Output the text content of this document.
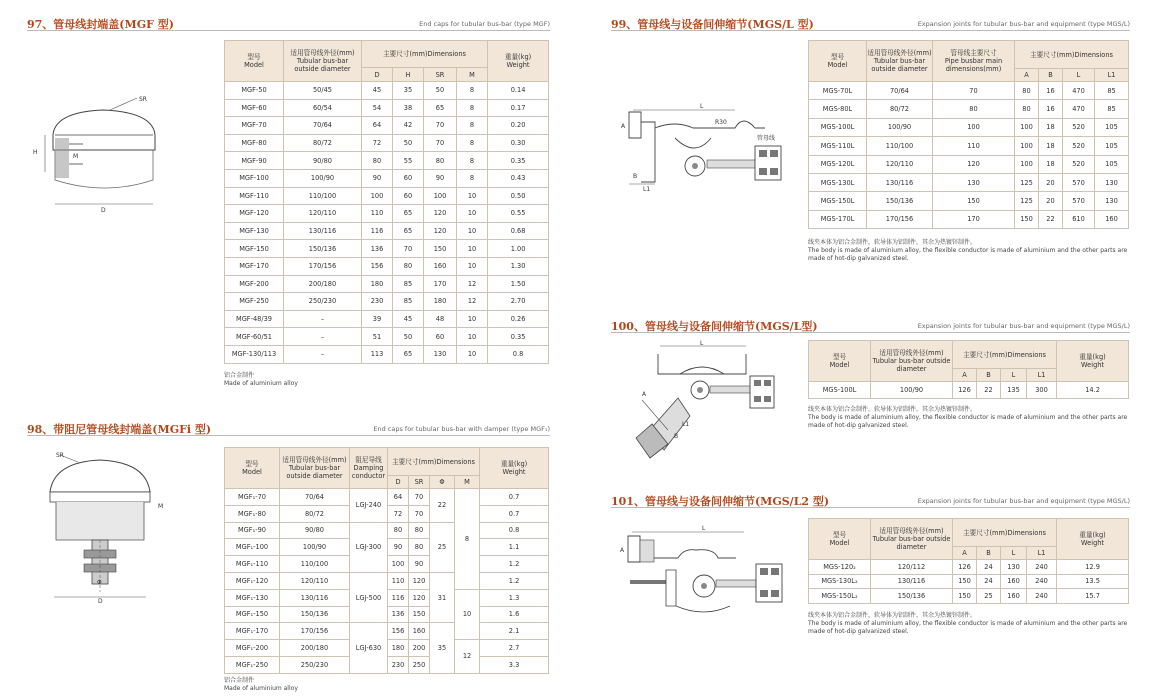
97、管母线封端盖(MGF 型)	End caps for tubular bus-bar (type MGF)
SR
H
M
D
型号
Model	适用管母线外径(mm)
Tubular bus-bar outside diameter	主要尺寸(mm)Dimensions				重量(kg)
Weight
		D	H	SR	M	
MGF-50	50/45	45	35	50	8	0.14
MGF-60	60/54	54	38	65	8	0.17
MGF-70	70/64	64	42	70	8	0.20
MGF-80	80/72	72	50	70	8	0.30
MGF-90	90/80	80	55	80	8	0.35
MGF-100	100/90	90	60	90	8	0.43
MGF-110	110/100	100	60	100	10	0.50
MGF-120	120/110	110	65	120	10	0.55
MGF-130	130/116	116	65	120	10	0.68
MGF-150	150/136	136	70	150	10	1.00
MGF-170	170/156	156	80	160	10	1.30
MGF-200	200/180	180	85	170	12	1.50
MGF-250	250/230	230	85	180	12	2.70
MGF-48/39	–	39	45	48	10	0.26
MGF-60/51	–	51	50	60	10	0.35
MGF-130/113	–	113	65	130	10	0.8
铝合金制件
Made of aluminium alloy
98、带阻尼管母线封端盖(MGFi 型)	End caps for tubular bus-bar with damper (type MGF₁)
SR
M
Φ
D
型号
Model	适用管母线外径(mm)
Tubular bus-bar outside diameter	阻尼导线
Damping conductor	主要尺寸(mm)Dimensions				重量(kg)
Weight
			D	SR	Φ	M	
MGF₁-70	70/64	LGJ-240	64	70	22	8	0.7
MGF₁-80	80/72		72	70			0.7
MGF₁-90	90/80	LGJ-300	80	80	25		0.8
MGF₁-100	100/90		90	80			1.1
MGF₁-110	110/100		100	90			1.2
MGF₁-120	120/110	LGJ-500	110	120	31		1.2
MGF₁-130	130/116		116	120		10	1.3
MGF₁-150	150/136		136	150			1.6
MGF₁-170	170/156	LGJ-630	156	160	35		2.1
MGF₁-200	200/180		180	200		12	2.7
MGF₁-250	250/230		230	250			3.3
铝合金制件
Made of aluminium alloy
99、管母线与设备间伸缩节(MGS/L 型)	Expansion joints for tubular bus-bar and equipment (type MGS/L)
L
A
R30
管母线
B
L1
型号
Model	适用管母线外径(mm)
Tubular bus-bar outside diameter	管母线主要尺寸
Pipe busbar main dimensions(mm)	主要尺寸(mm)Dimensions			
			A	B	L	L1
MGS-70L	70/64	70	80	16	470	85
MGS-80L	80/72	80	80	16	470	85
MGS-100L	100/90	100	100	18	520	105
MGS-110L	110/100	110	100	18	520	105
MGS-120L	120/110	120	100	18	520	105
MGS-130L	130/116	130	125	20	570	130
MGS-150L	150/136	150	125	20	570	130
MGS-170L	170/156	170	150	22	610	160
线夹本体为铝合金制件，软导体为铝制件，其余为热镀锌制件。
The body is made of aluminium alloy, the flexible conductor is made of aluminium and the other parts are made of hot-dip galvanized steel.
100、管母线与设备间伸缩节(MGS/L型)	Expansion joints for tubular bus-bar and equipment (type MGS/L)
L
A
B
L1
型号
Model	适用管母线外径(mm)
Tubular bus-bar outside diameter	主要尺寸(mm)Dimensions				重量(kg)
Weight
		A	B	L	L1	
MGS-100L	100/90	126	22	135	300	14.2
线夹本体为铝合金制件，软导体为铝制件，其余为热镀锌制件。
The body is made of aluminium alloy, the flexible conductor is made of aluminium and the other parts are made of hot-dip galvanized steel.
101、管母线与设备间伸缩节(MGS/L2 型)	Expansion joints for tubular bus-bar and equipment (type MGS/L)
L
A
型号
Model	适用管母线外径(mm)
Tubular bus-bar outside diameter	主要尺寸(mm)Dimensions				重量(kg)
Weight
		A	B	L	L1	
MGS-120₂	120/112	126	24	130	240	12.9
MGS-130L₂	130/116	150	24	160	240	13.5
MGS-150L₂	150/136	150	25	160	240	15.7
线夹本体为铝合金制件，软导体为铝制件，其余为热镀锌制件。
The body is made of aluminium alloy, the flexible conductor is made of aluminium and the other parts are made of hot-dip galvanized steel.
